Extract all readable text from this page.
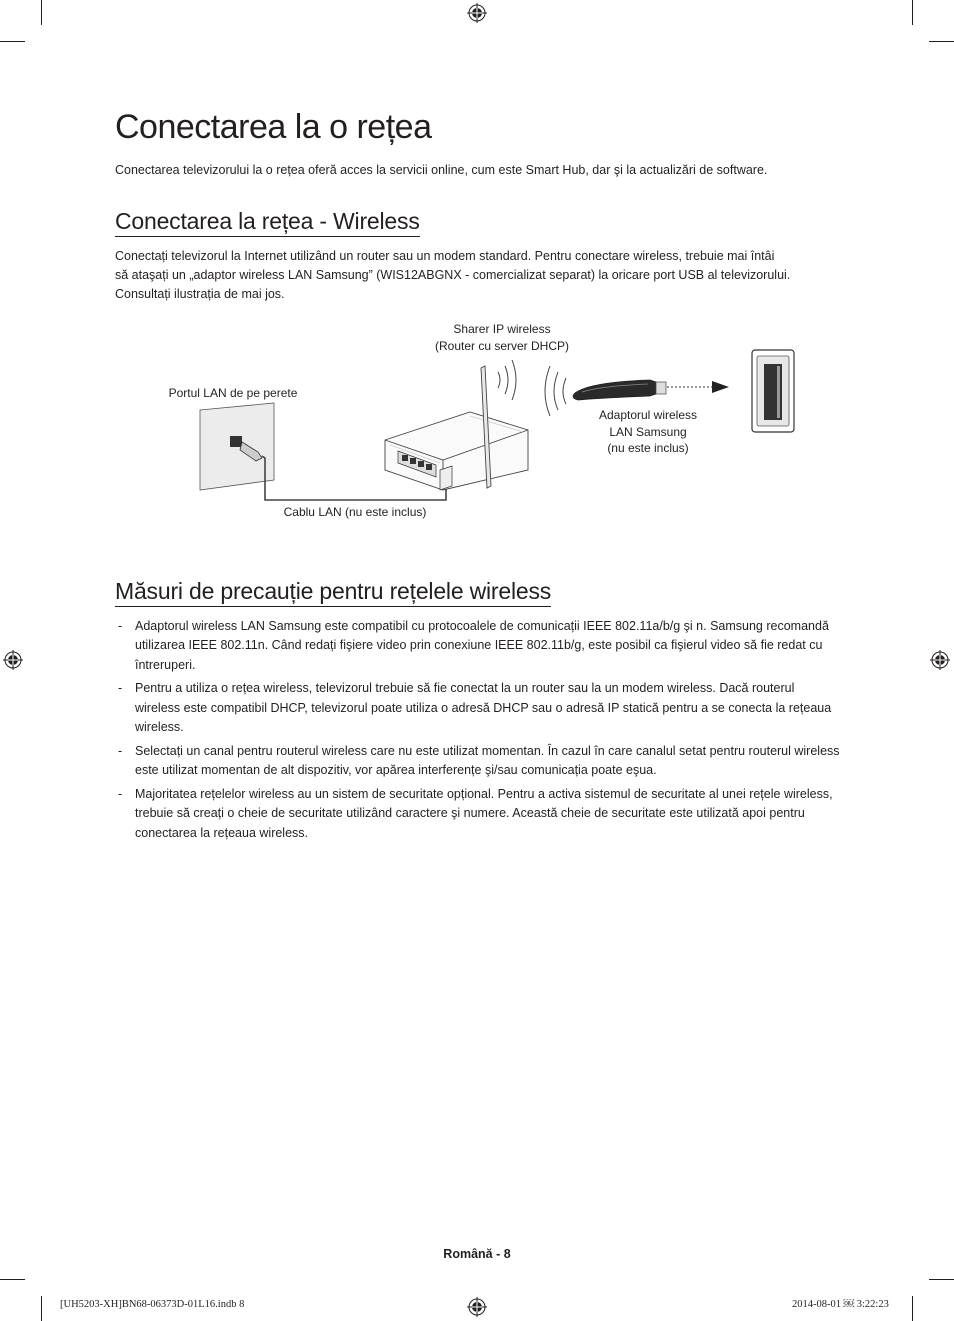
Conectarea la o rețea

Conectarea televizorului la o rețea oferă acces la servicii online, cum este Smart Hub, dar şi la actualizări de software.

Conectarea la rețea - Wireless

Conectați televizorul la Internet utilizând un router sau un modem standard. Pentru conectare wireless, trebuie mai întâi
să ataşați un „adaptor wireless LAN Samsung” (WIS12ABGNX - comercializat separat) la oricare port USB al televizorului.
Consultați ilustrația de mai jos.

Sharer IP wireless
(Router cu server DHCP)
Portul LAN de pe perete
Adaptorul wireless
LAN Samsung
(nu este inclus)
Cablu LAN (nu este inclus)
Măsuri de precauție pentru rețelele wireless
- Adaptorul wireless LAN Samsung este compatibil cu protocoalele de comunicații IEEE 802.11a/b/g şi n. Samsung recomandă utilizarea IEEE 802.11n. Când redați fişiere video prin conexiune IEEE 802.11b/g, este posibil ca fişierul video să fie redat cu întreruperi.
- Pentru a utiliza o rețea wireless, televizorul trebuie să fie conectat la un router sau la un modem wireless. Dacă routerul wireless este compatibil DHCP, televizorul poate utiliza o adresă DHCP sau o adresă IP statică pentru a se conecta la rețeaua wireless.
- Selectați un canal pentru routerul wireless care nu este utilizat momentan. În cazul în care canalul setat pentru routerul wireless este utilizat momentan de alt dispozitiv, vor apărea interferențe şi/sau comunicația poate eşua.
- Majoritatea rețelelor wireless au un sistem de securitate opțional. Pentru a activa sistemul de securitate al unei rețele wireless, trebuie să creați o cheie de securitate utilizând caractere şi numere. Această cheie de securitate este utilizată apoi pentru conectarea la rețeaua wireless.
Română - 8
[UH5203-XH]BN68-06373D-01L16.indb 8	2014-08-01 ￼ 3:22:23
